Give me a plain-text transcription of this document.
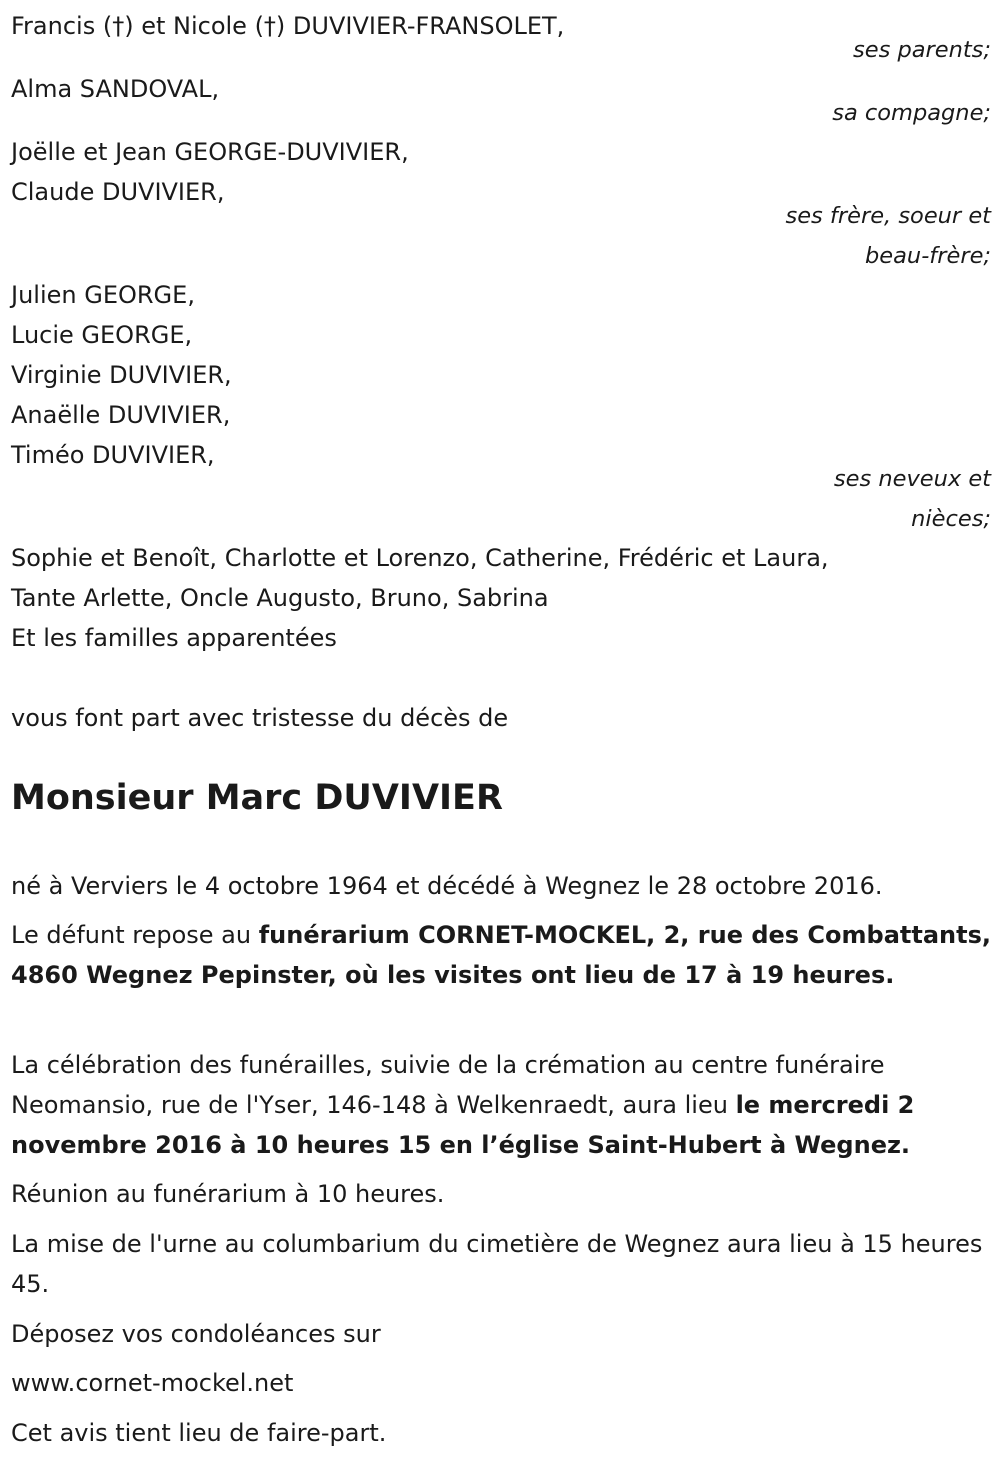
Francis (†) et Nicole (†) DUVIVIER-FRANSOLET,
ses parents;
Alma SANDOVAL,
sa compagne;
Joëlle et Jean GEORGE-DUVIVIER,
Claude DUVIVIER,
ses frère, soeur et
beau-frère;
Julien GEORGE,
Lucie GEORGE,
Virginie DUVIVIER,
Anaëlle DUVIVIER,
Timéo DUVIVIER,
ses neveux et
nièces;
Sophie et Benoît, Charlotte et Lorenzo, Catherine, Frédéric et Laura,
Tante Arlette, Oncle Augusto, Bruno, Sabrina
Et les familles apparentées
vous font part avec tristesse du décès de
Monsieur Marc DUVIVIER
né à Verviers le 4 octobre 1964 et décédé à Wegnez le 28 octobre 2016.
Le défunt repose au funérarium CORNET-MOCKEL, 2, rue des Combattants, 4860 Wegnez Pepinster, où les visites ont lieu de 17 à 19 heures.
La célébration des funérailles, suivie de la crémation au centre funéraire Neomansio, rue de l'Yser, 146-148 à Welkenraedt, aura lieu le mercredi 2 novembre 2016 à 10 heures 15 en l’église Saint-Hubert à Wegnez.
Réunion au funérarium à 10 heures.
La mise de l'urne au columbarium du cimetière de Wegnez aura lieu à 15 heures 45.
Déposez vos condoléances sur
www.cornet-mockel.net
Cet avis tient lieu de faire-part.
